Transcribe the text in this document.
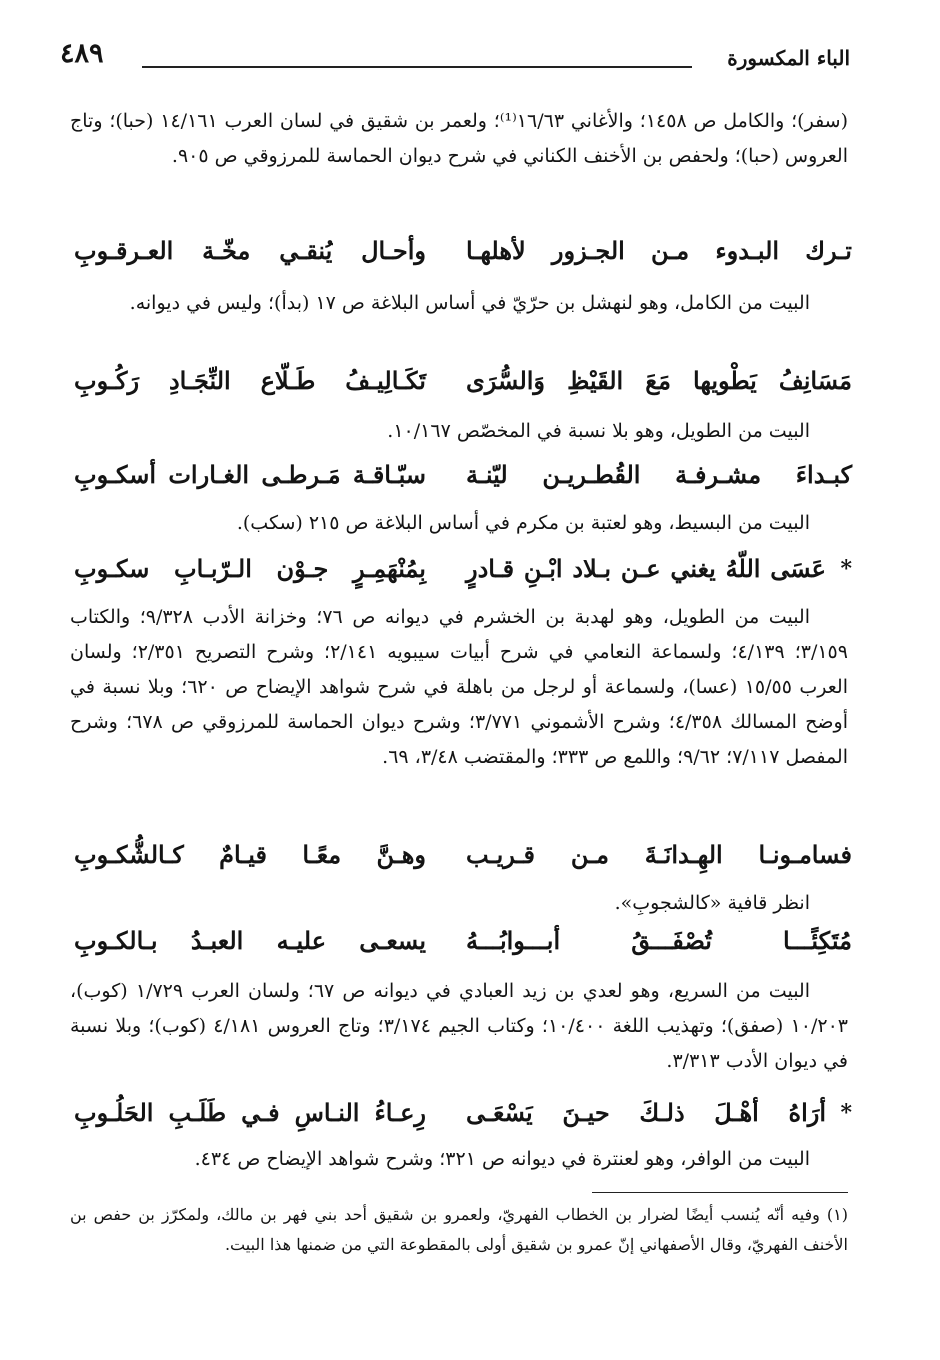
الباء المكسورة
٤٨٩
(سفر)؛ والكامل ص ١٤٥٨؛ والأغاني ١٦/٦٣⁽¹⁾؛ ولعمر بن شقيق في لسان العرب ١٤/١٦١ (حبا)؛ وتاج العروس (حبا)؛ ولحفص بن الأخنف الكناني في شرح ديوان الحماسة للمرزوقي ص ٩٠٥.
تـرك البـدوء مـن الجـزور لأهلهـا
وأحـال يُنقـي مخّـة العـرقـوبِ
البيت من الكامل، وهو لنهشل بن حرّيّ في أساس البلاغة ص ١٧ (بدأ)؛ وليس في ديوانه.
مَسَانِفُ يَطْويها مَعَ القَيْظِ وَالسُّرَى
تَكَـالِيـفُ طَـلّاع النِّجَـادِ رَكُـوبِ
البيت من الطويل، وهو بلا نسبة في المخصّص ١٠/١٦٧.
كبـداءَ مشـرفـة القُطـريـن ليّنـة
سبّـاقـة مَـرطـى الغـارات أسكـوبِ
البيت من البسيط، وهو لعتبة بن مكرم في أساس البلاغة ص ٢١٥ (سكب).
*
عَسَى اللّهُ يغني عـن بـلاد ابْـنِ قـادرٍ
بِمُنْهَمِـرٍ جـوْن الـرّبـابِ سكـوبِ
البيت من الطويل، وهو لهدبة بن الخشرم في ديوانه ص ٧٦؛ وخزانة الأدب ٩/٣٢٨؛ والكتاب ٣/١٥٩؛ ٤/١٣٩؛ ولسماعة النعامي في شرح أبيات سيبويه ٢/١٤١؛ وشرح التصريح ٢/٣٥١؛ ولسان العرب ١٥/٥٥ (عسا)، ولسماعة أو لرجل من باهلة في شرح شواهد الإيضاح ص ٦٢٠؛ وبلا نسبة في أوضح المسالك ٤/٣٥٨؛ وشرح الأشموني ٣/٧٧١؛ وشرح ديوان الحماسة للمرزوقي ص ٦٧٨؛ وشرح المفصل ٧/١١٧؛ ٩/٦٢؛ واللمع ص ٣٣٣؛ والمقتضب ٣/٤٨، ٦٩.
فسامـونـا الهِـدانَـةَ مـن قـريـب
وهـنَّ معًـا قيـامٌ كـالشُّكـوبِ
انظر قافية «كالشجوبِ».
مُتَكِئًـــا تُصْفَـــقُ أبـــوابُـــهُ
يسعـى عليـه العبـدُ بـالكـوبِ
البيت من السريع، وهو لعدي بن زيد العبادي في ديوانه ص ٦٧؛ ولسان العرب ١/٧٢٩ (كوب)، ١٠/٢٠٣ (صفق)؛ وتهذيب اللغة ١٠/٤٠٠؛ وكتاب الجيم ٣/١٧٤؛ وتاج العروس ٤/١٨١ (كوب)؛ وبلا نسبة في ديوان الأدب ٣/٣١٣.
*
أرَاهُ أهْـلَ ذلـكَ حيـنَ يَسْعَـى
رِعـاءُ النـاسِ فـي طَلَـبِ الحَلُـوبِ
البيت من الوافر، وهو لعنترة في ديوانه ص ٣٢١؛ وشرح شواهد الإيضاح ص ٤٣٤.
(١) وفيه أنّه يُنسب أيضًا لضرار بن الخطاب الفهريّ، ولعمرو بن شقيق أحد بني فهر بن مالك، ولمكرّز بن حفص بن الأخنف الفهريّ، وقال الأصفهاني إنّ عمرو بن شقيق أولى بالمقطوعة التي من ضمنها هذا البيت.
